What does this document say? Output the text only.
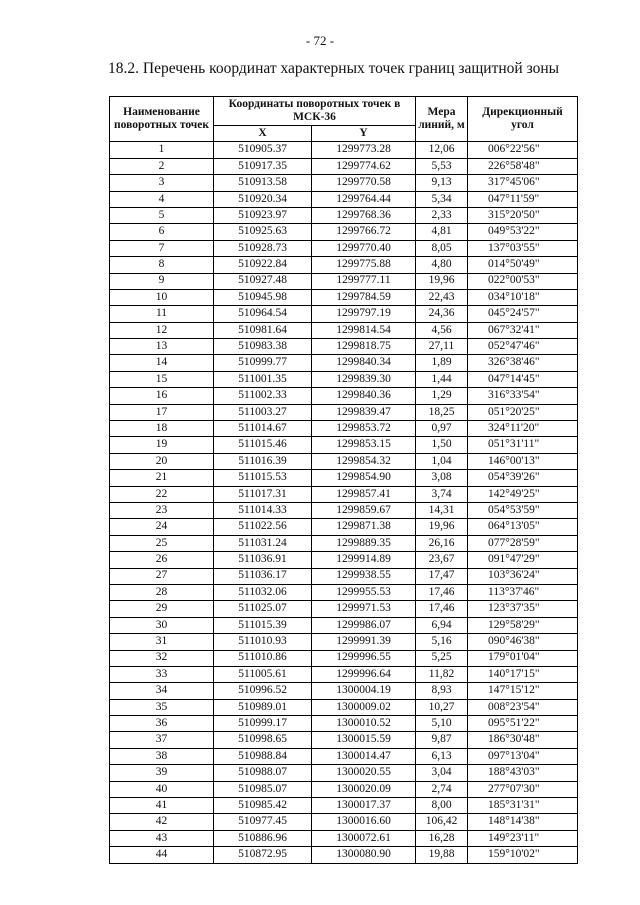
- 72 -
18.2. Перечень координат характерных точек границ защитной зоны
Наименование поворотных точек	Координаты поворотных точек в МСК-36		Мера линий, м	Дирекционный угол
	X	Y		
1	510905.37	1299773.28	12,06	006°22'56"
2	510917.35	1299774.62	5,53	226°58'48"
3	510913.58	1299770.58	9,13	317°45'06"
4	510920.34	1299764.44	5,34	047°11'59"
5	510923.97	1299768.36	2,33	315°20'50"
6	510925.63	1299766.72	4,81	049°53'22"
7	510928.73	1299770.40	8,05	137°03'55"
8	510922.84	1299775.88	4,80	014°50'49"
9	510927.48	1299777.11	19,96	022°00'53"
10	510945.98	1299784.59	22,43	034°10'18"
11	510964.54	1299797.19	24,36	045°24'57"
12	510981.64	1299814.54	4,56	067°32'41"
13	510983.38	1299818.75	27,11	052°47'46"
14	510999.77	1299840.34	1,89	326°38'46"
15	511001.35	1299839.30	1,44	047°14'45"
16	511002.33	1299840.36	1,29	316°33'54"
17	511003.27	1299839.47	18,25	051°20'25"
18	511014.67	1299853.72	0,97	324°11'20"
19	511015.46	1299853.15	1,50	051°31'11"
20	511016.39	1299854.32	1,04	146°00'13"
21	511015.53	1299854.90	3,08	054°39'26"
22	511017.31	1299857.41	3,74	142°49'25"
23	511014.33	1299859.67	14,31	054°53'59"
24	511022.56	1299871.38	19,96	064°13'05"
25	511031.24	1299889.35	26,16	077°28'59"
26	511036.91	1299914.89	23,67	091°47'29"
27	511036.17	1299938.55	17,47	103°36'24"
28	511032.06	1299955.53	17,46	113°37'46"
29	511025.07	1299971.53	17,46	123°37'35"
30	511015.39	1299986.07	6,94	129°58'29"
31	511010.93	1299991.39	5,16	090°46'38"
32	511010.86	1299996.55	5,25	179°01'04"
33	511005.61	1299996.64	11,82	140°17'15"
34	510996.52	1300004.19	8,93	147°15'12"
35	510989.01	1300009.02	10,27	008°23'54"
36	510999.17	1300010.52	5,10	095°51'22"
37	510998.65	1300015.59	9,87	186°30'48"
38	510988.84	1300014.47	6,13	097°13'04"
39	510988.07	1300020.55	3,04	188°43'03"
40	510985.07	1300020.09	2,74	277°07'30"
41	510985.42	1300017.37	8,00	185°31'31"
42	510977.45	1300016.60	106,42	148°14'38"
43	510886.96	1300072.61	16,28	149°23'11"
44	510872.95	1300080.90	19,88	159°10'02"
